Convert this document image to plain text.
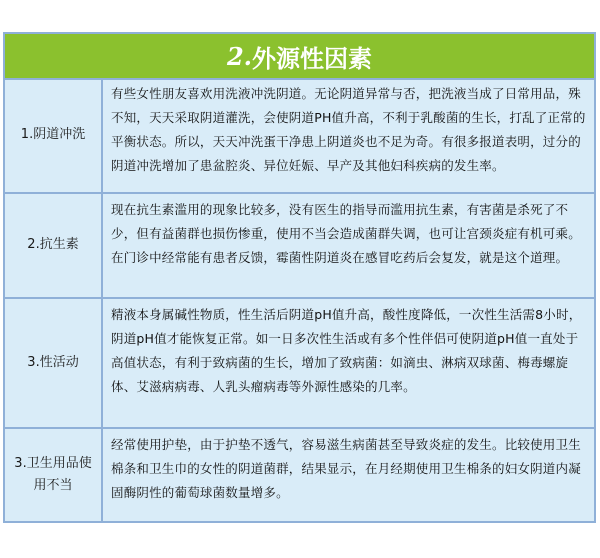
2. 外源性因素
1.阴道冲洗
有些女性朋友喜欢用洗液冲洗阴道。无论阴道异常与否，把洗液当成了日常用品，殊不知，天天采取阴道灌洗，会使阴道PH值升高，不利于乳酸菌的生长，打乱了正常的平衡状态。所以，天天冲洗蛋干净患上阴道炎也不足为奇。有很多报道表明，过分的阴道冲洗增加了患盆腔炎、异位妊娠、早产及其他妇科疾病的发生率。
2.抗生素
现在抗生素滥用的现象比较多，没有医生的指导而滥用抗生素，有害菌是杀死了不少，但有益菌群也损伤惨重，使用不当会造成菌群失调，也可让宫颈炎症有机可乘。在门诊中经常能有患者反馈，霉菌性阴道炎在感冒吃药后会复发，就是这个道理。
3.性活动
精液本身属碱性物质，性生活后阴道pH值升高，酸性度降低，一次性生活需8小时，阴道pH值才能恢复正常。如一日多次性生活或有多个性伴侣可使阴道pH值一直处于高值状态，有利于致病菌的生长，增加了致病菌：如滴虫、淋病双球菌、梅毒螺旋体、艾滋病病毒、人乳头瘤病毒等外源性感染的几率。
3.卫生用品使用不当
经常使用护垫，由于护垫不透气，容易滋生病菌甚至导致炎症的发生。比较使用卫生棉条和卫生巾的女性的阴道菌群，结果显示，在月经期使用卫生棉条的妇女阴道内凝固酶阴性的葡萄球菌数量增多。
